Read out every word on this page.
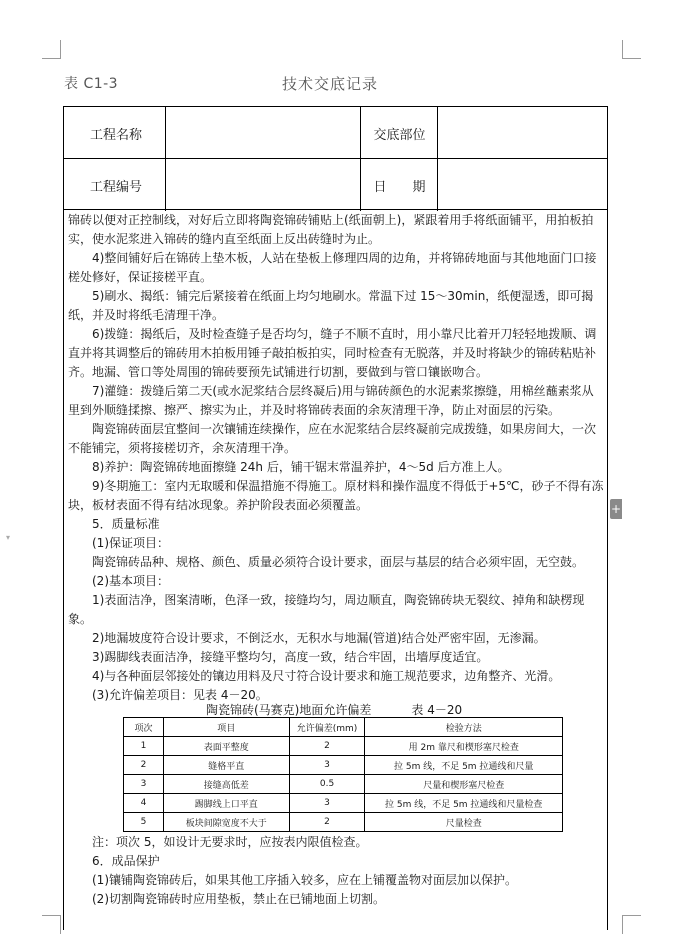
表 C1-3	技术交底记录
工程名称	交底部位
工程编号	日　　期

锦砖以便对正控制线，对好后立即将陶瓷锦砖铺贴上(纸面朝上)，紧跟着用手将纸面铺平，用拍板拍实，使水泥浆进入锦砖的缝内直至纸面上反出砖缝时为止。

4)整间铺好后在锦砖上垫木板，人站在垫板上修理四周的边角，并将锦砖地面与其他地面门口接槎处修好，保证接槎平直。

5)刷水、揭纸：铺完后紧接着在纸面上均匀地刷水。常温下过 15～30min，纸便湿透，即可揭纸，并及时将纸毛清理干净。

6)拨缝：揭纸后，及时检查缝子是否均匀，缝子不顺不直时，用小靠尺比着开刀轻轻地拨顺、调直并将其调整后的锦砖用木拍板用锤子敲拍板拍实，同时检查有无脱落，并及时将缺少的锦砖粘贴补齐。地漏、管口等处周围的锦砖要预先试铺进行切割，要做到与管口镶嵌吻合。

7)灌缝：拨缝后第二天(或水泥浆结合层终凝后)用与锦砖颜色的水泥素浆擦缝，用棉丝蘸素浆从里到外顺缝揉擦、擦严、擦实为止，并及时将锦砖表面的余灰清理干净，防止对面层的污染。

陶瓷锦砖面层宜整间一次镶铺连续操作，应在水泥浆结合层终凝前完成拨缝，如果房间大，一次不能铺完，须将接槎切齐，余灰清理干净。

8)养护：陶瓷锦砖地面擦缝 24h 后，铺干锯末常温养护，4～5d 后方准上人。

9)冬期施工：室内无取暖和保温措施不得施工。原材料和操作温度不得低于+5℃，砂子不得有冻块，板材表面不得有结冰现象。养护阶段表面必须覆盖。

5．质量标准

(1)保证项目：

陶瓷锦砖品种、规格、颜色、质量必须符合设计要求，面层与基层的结合必须牢固，无空鼓。

(2)基本项目：

1)表面洁净，图案清晰，色泽一致，接缝均匀，周边顺直，陶瓷锦砖块无裂纹、掉角和缺楞现象。

2)地漏坡度符合设计要求，不倒泛水，无积水与地漏(管道)结合处严密牢固，无渗漏。

3)踢脚线表面洁净，接缝平整均匀，高度一致，结合牢固，出墙厚度适宜。

4)与各种面层邻接处的镶边用料及尺寸符合设计要求和施工规范要求，边角整齐、光滑。

(3)允许偏差项目：见表 4－20。

陶瓷锦砖(马赛克)地面允许偏差	表 4－20
项次	项目	允许偏差(mm)	检验方法
1	表面平整度	2	用 2m 靠尺和楔形塞尺检查
2	缝格平直	3	拉 5m 线，不足 5m 拉通线和尺量
3	接缝高低差	0.5	尺量和楔形塞尺检查
4	踢脚线上口平直	3	拉 5m 线，不足 5m 拉通线和尺量检查
5	板块间隙宽度不大于	2	尺量检查

注：项次 5，如设计无要求时，应按表内限值检查。

6．成品保护

(1)镶铺陶瓷锦砖后，如果其他工序插入较多，应在上铺覆盖物对面层加以保护。

(2)切割陶瓷锦砖时应用垫板，禁止在已铺地面上切割。

+
▾
